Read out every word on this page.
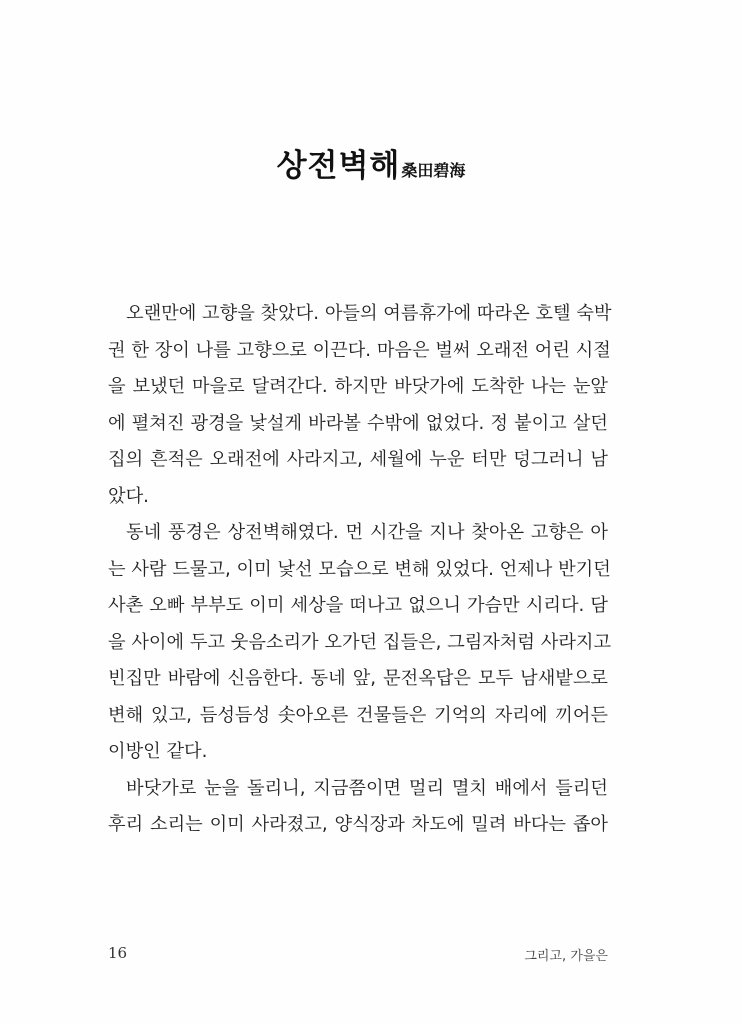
상전벽해桑田碧海
오랜만에 고향을 찾았다. 아들의 여름휴가에 따라온 호텔 숙박
권 한 장이 나를 고향으로 이끈다. 마음은 벌써 오래전 어린 시절
을 보냈던 마을로 달려간다. 하지만 바닷가에 도착한 나는 눈앞
에 펼쳐진 광경을 낯설게 바라볼 수밖에 없었다. 정 붙이고 살던
집의 흔적은 오래전에 사라지고, 세월에 누운 터만 덩그러니 남
았다.
동네 풍경은 상전벽해였다. 먼 시간을 지나 찾아온 고향은 아
는 사람 드물고, 이미 낯선 모습으로 변해 있었다. 언제나 반기던
사촌 오빠 부부도 이미 세상을 떠나고 없으니 가슴만 시리다. 담
을 사이에 두고 웃음소리가 오가던 집들은, 그림자처럼 사라지고
빈집만 바람에 신음한다. 동네 앞, 문전옥답은 모두 남새밭으로
변해 있고, 듬성듬성 솟아오른 건물들은 기억의 자리에 끼어든
이방인 같다.
바닷가로 눈을 돌리니, 지금쯤이면 멀리 멸치 배에서 들리던
후리 소리는 이미 사라졌고, 양식장과 차도에 밀려 바다는 좁아
16	그리고, 가을은
